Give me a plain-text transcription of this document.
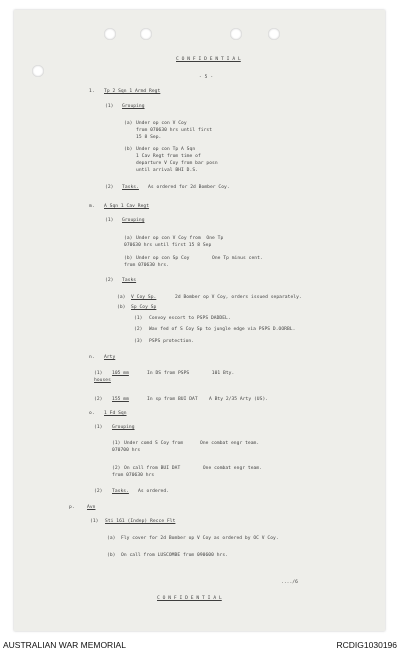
C O N F I D E N T I A L
- 5 -
1. Tp 2 Sqn 1 Armd Regt
(1) Grouping
(a) Under op con V Coy
from 070630 hrs until first
15 8 Sep.
(b) Under op con Tp A Sqn
1 Cav Regt from time of
departure V Coy from bar posn
until arrival BHI D.S.
(2) Tasks. As ordered for 2d Bomber Coy.
m. A Sqn 1 Cav Regt
(1) Grouping
(a) Under op con V Coy from  One Tp
070630 hrs until first 15 8 Sep
(b) Under op con Sp Coy        One Tp minus cent.
from 070630 hrs.
(2) Tasks
(a) V Coy Sp.	2d Bomber op V Coy, orders issued separately.
(b) Sp Coy Sp
(1) Convoy escort to PSPS DADDEL.
(2) Wav fed of S Coy Sp to jungle edge via PSPS D.OORBL.
(3) PSPS protection.
n. Arty
(1) 105 mm
houses
In DS from PSPS        101 Bty.
(2) 155 mm	In sp from BUI DAT    A Bty 2/35 Arty (US).
o. 1 Fd Sqn
(1) Grouping
(1) Under comd S Coy from      One combat engr team.
070700 hrs
(2) On call from BUI DAT        One combat engr team.
from 070630 hrs
(2) Tasks. As ordered.
p.	Avn
(1) Sti 161 (Indep) Recce Flt
(a) Fly cover for 2d Bomber op V Coy as ordered by OC V Coy.
(b) On call from LUSCOMBE from 090600 hrs.
..../6
C O N F I D E N T I A L
AUSTRALIAN WAR MEMORIAL	RCDIG1030196
